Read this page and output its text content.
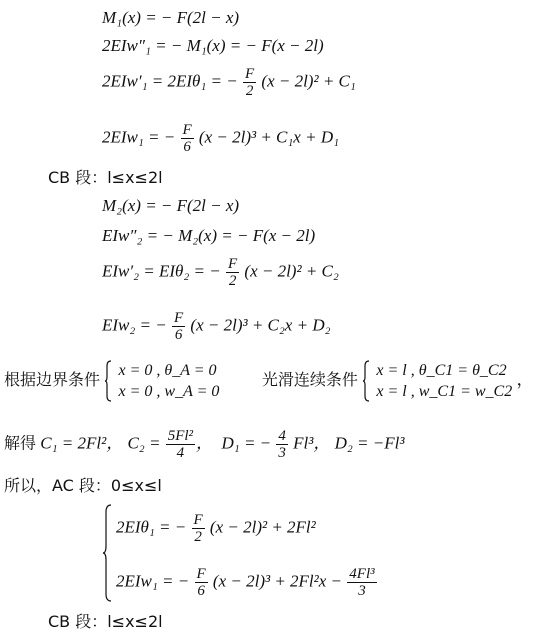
M₁(x) = − F(2l − x)
2EIw″₁ = − M₁(x) = − F(x − 2l)
2EIw′₁ = 2EIθ₁ = − $\frac{F}{2} (x - 2l)^2 + C_1$
2EIw₁ = − $\frac{F}{6} (x - 2l)^3 + C_1x + D_1$
CB 段：l≤x≤2l
M₂(x) = − F(2l − x)
EIw″₂ = − M₂(x) = − F(x − 2l)
EIw′₂ = EIθ₂ = − $\frac{F}{2} (x - 2l)^2 + C_2$
EIw₂ = − $\frac{F}{6} (x - 2l)^3 + C_2x + D_2$
根据边界条件 x = 0 , θ_A = 0
x = 0 , w_A = 0
光滑连续条件 x = l , θ_C1 = θ_C2
x = l , w_C1 = w_C2
，
解得 C₁ = 2Fl²， $C_2 = \frac{\text{5Fl²}}{4}$ ，  D₁ = − $\frac{4}{3} Fl^3$， D₂ = −Fl³
所以，AC 段：0≤x≤l
2EIθ₁ = − $\frac{F}{2} (x - 2l)^2 + 2Fl^2$
2EIw₁ = − $\frac{F}{6} (x - 2l)^3 + 2Fl^2x - \frac{\text{4Fl³}}{3}$
CB 段：l≤x≤2l
